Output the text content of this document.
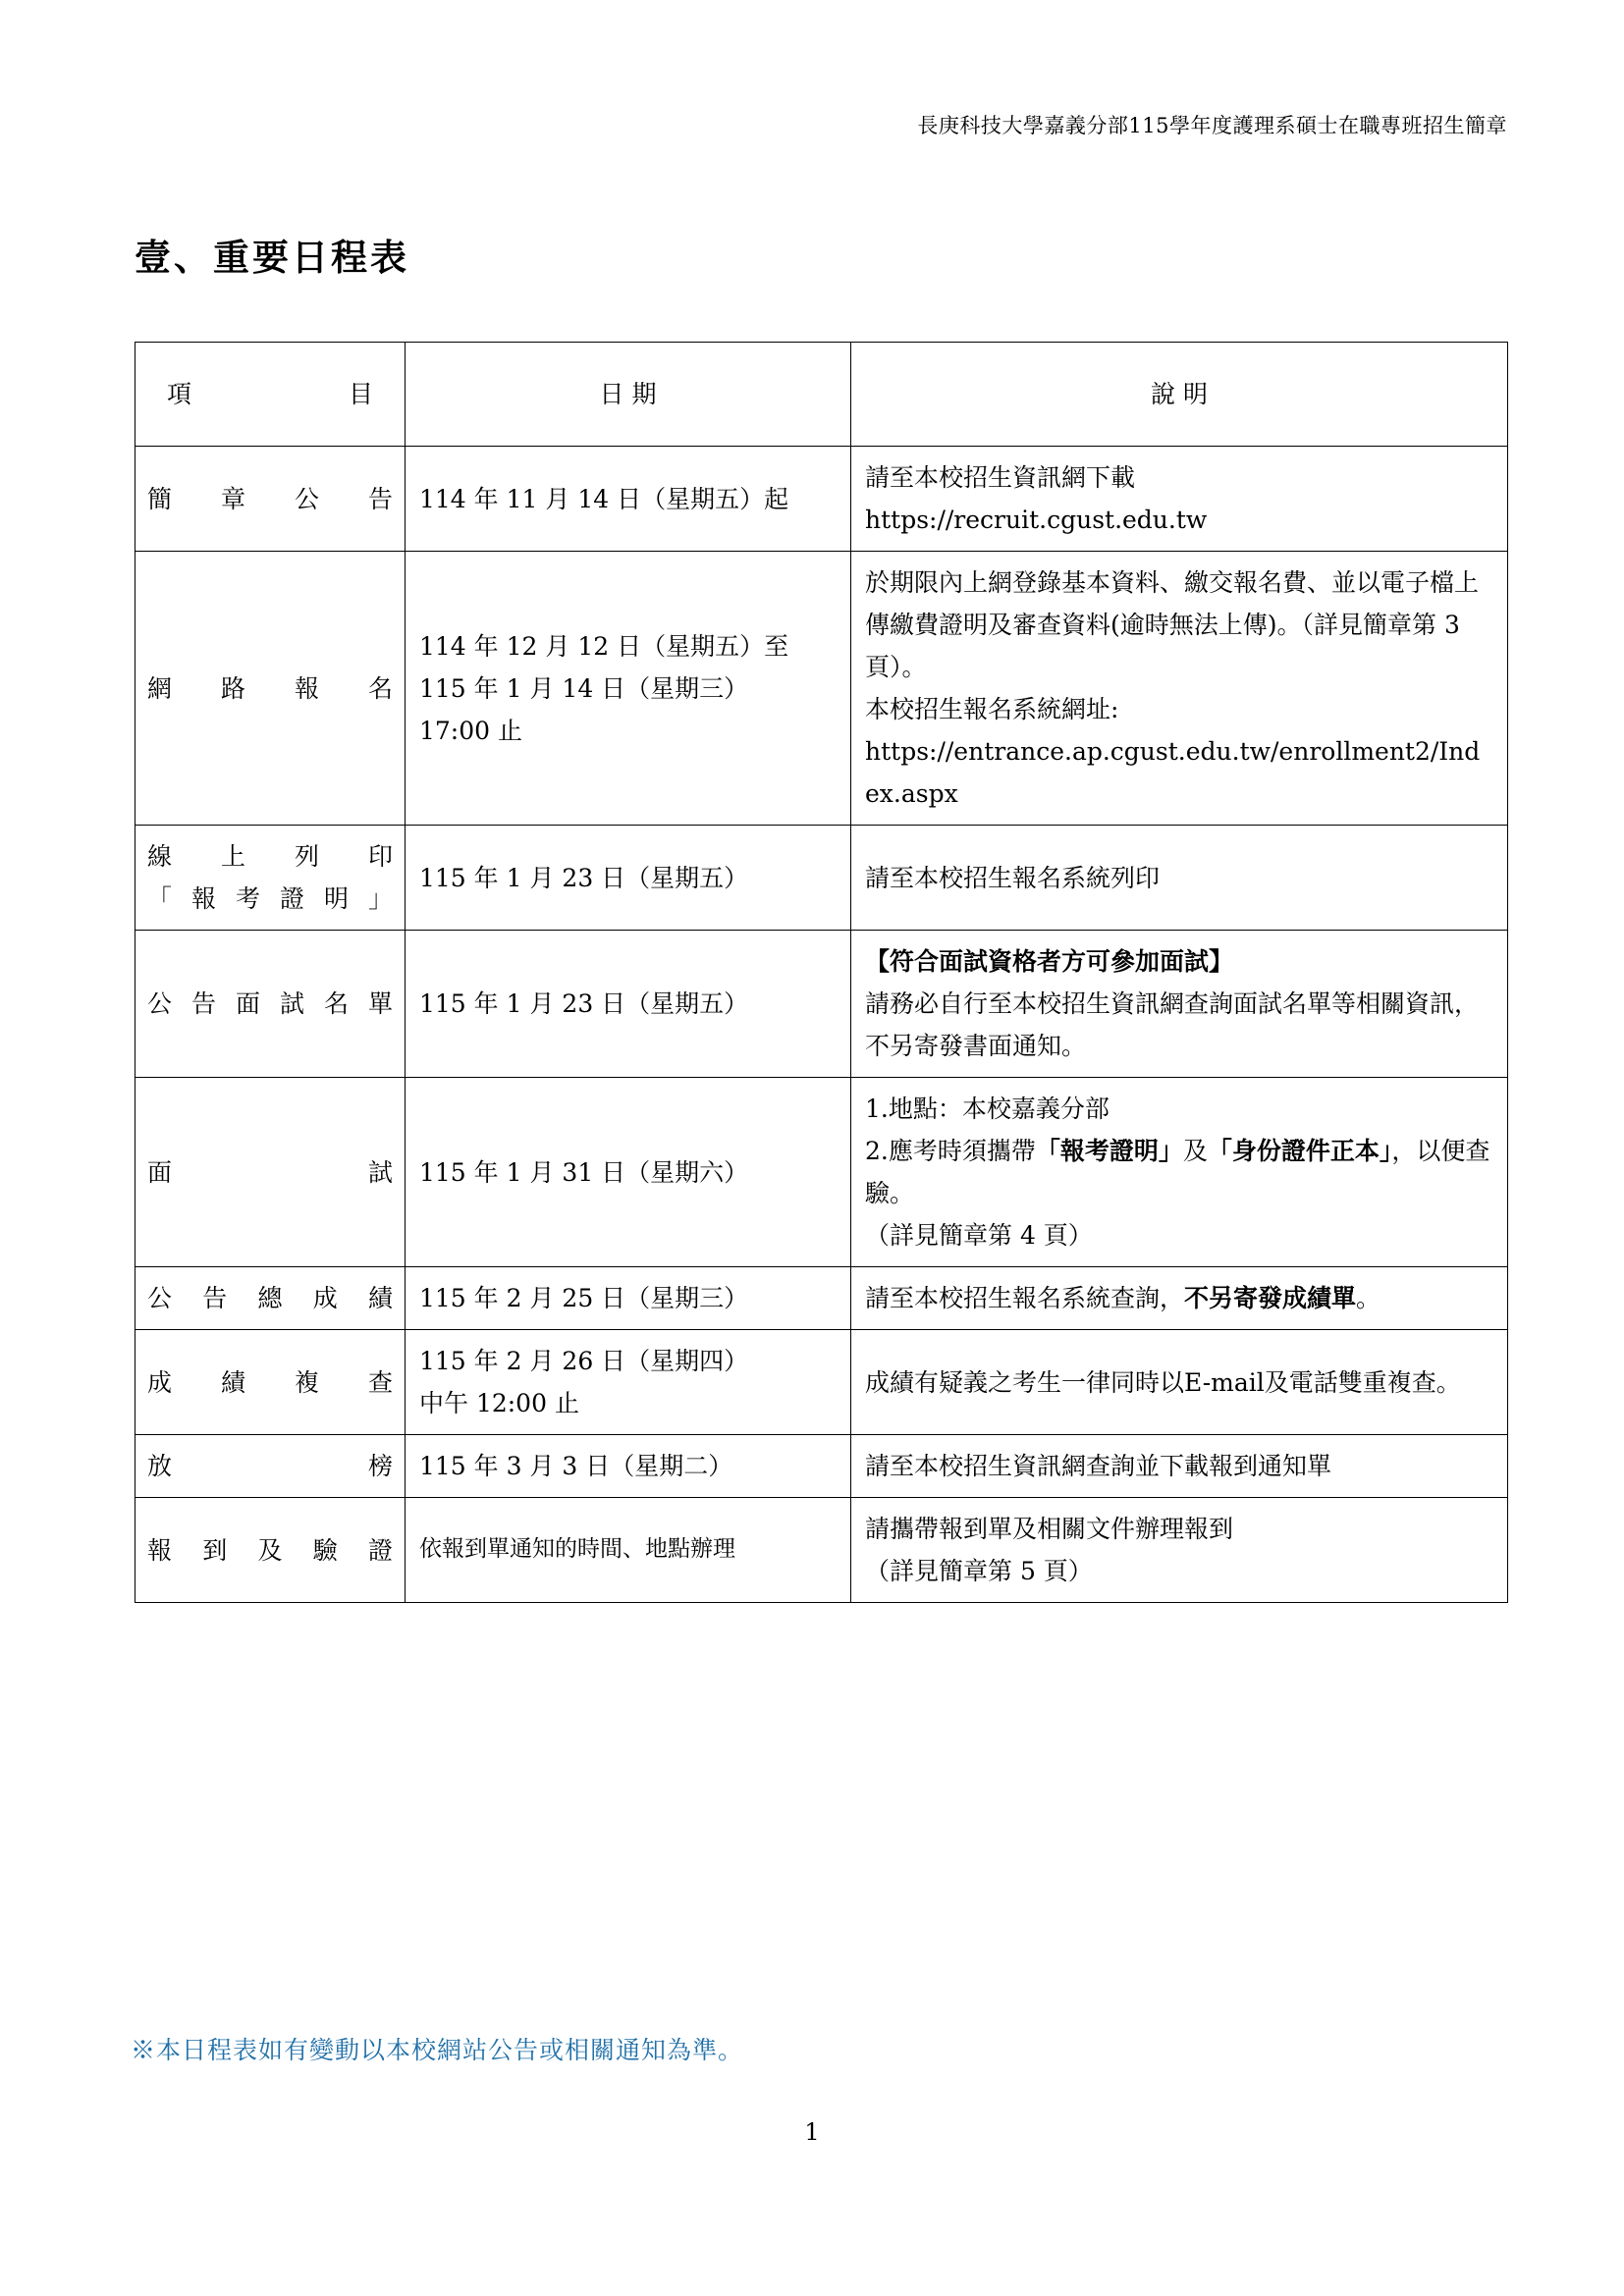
長庚科技大學嘉義分部115學年度護理系碩士在職專班招生簡章
壹、重要日程表
項 目	日 期	說 明

簡章公告	114 年 11 月 14 日（星期五）起	請至本校招生資訊網下載
https://recruit.cgust.edu.tw

網路報名	114 年 12 月 12 日（星期五）至
115 年 1 月 14 日（星期三）
17:00 止	於期限內上網登錄基本資料、繳交報名費、並以電子檔上傳繳費證明及審查資料(逾時無法上傳)。（詳見簡章第 3 頁）。
本校招生報名系統網址:
https://entrance.ap.cgust.edu.tw/enrollment2/Index.aspx

線上列印
「報考證明」	115 年 1 月 23 日（星期五）	請至本校招生報名系統列印

公告面試名單	115 年 1 月 23 日（星期五）	【符合面試資格者方可參加面試】
請務必自行至本校招生資訊網查詢面試名單等相關資訊，不另寄發書面通知。

面試	115 年 1 月 31 日（星期六）	1.地點：本校嘉義分部
2.應考時須攜帶「報考證明」及「身份證件正本」，以便查驗。
（詳見簡章第 4 頁）

公告總成績	115 年 2 月 25 日（星期三）	請至本校招生報名系統查詢，不另寄發成績單。

成績複查	115 年 2 月 26 日（星期四）
中午 12:00 止	成績有疑義之考生一律同時以E-mail及電話雙重複查。

放榜	115 年 3 月 3 日（星期二）	請至本校招生資訊網查詢並下載報到通知單

報到及驗證	依報到單通知的時間、地點辦理	請攜帶報到單及相關文件辦理報到
（詳見簡章第 5 頁）
※本日程表如有變動以本校網站公告或相關通知為準。
1
